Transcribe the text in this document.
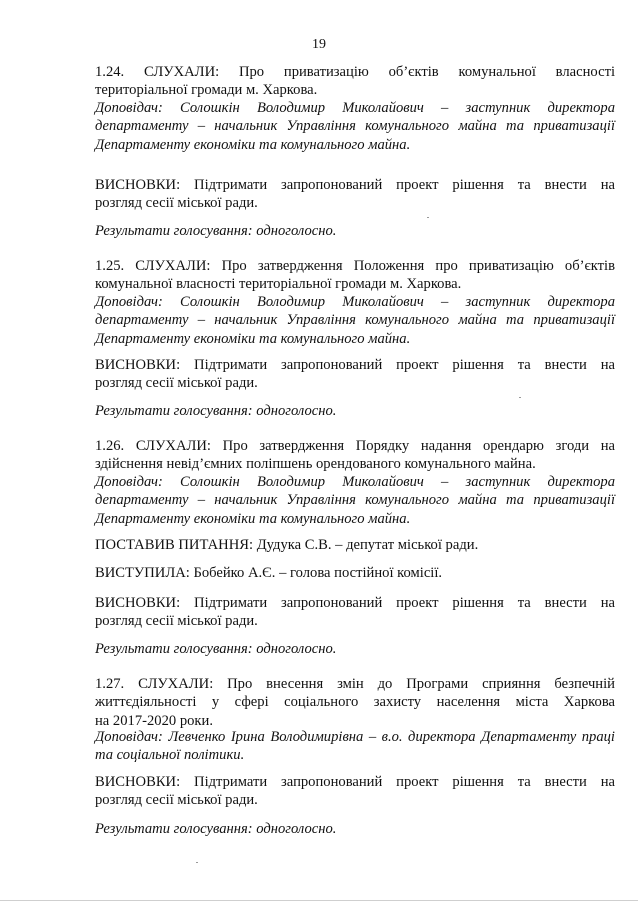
19
1.24. СЛУХАЛИ: Про приватизацію об’єктів комунальної власності
територіальної громади м. Харкова.
Доповідач: Солошкін Володимир Миколайович – заступник директора
департаменту – начальник Управління комунального майна та приватизації
Департаменту економіки та комунального майна.
ВИСНОВКИ: Підтримати запропонований проект рішення та внести на
розгляд сесії міської ради.
Результати голосування: одноголосно.
1.25. СЛУХАЛИ: Про затвердження Положення про приватизацію об’єктів
комунальної власності територіальної громади м. Харкова.
Доповідач: Солошкін Володимир Миколайович – заступник директора
департаменту – начальник Управління комунального майна та приватизації
Департаменту економіки та комунального майна.
ВИСНОВКИ: Підтримати запропонований проект рішення та внести на
розгляд сесії міської ради.
Результати голосування: одноголосно.
1.26. СЛУХАЛИ: Про затвердження Порядку надання орендарю згоди на
здійснення невід’ємних поліпшень орендованого комунального майна.
Доповідач: Солошкін Володимир Миколайович – заступник директора
департаменту – начальник Управління комунального майна та приватизації
Департаменту економіки та комунального майна.
ПОСТАВИВ ПИТАННЯ: Дудука С.В. – депутат міської ради.
ВИСТУПИЛА: Бобейко А.Є. – голова постійної комісії.
ВИСНОВКИ: Підтримати запропонований проект рішення та внести на
розгляд сесії міської ради.
Результати голосування: одноголосно.
1.27. СЛУХАЛИ: Про внесення змін до Програми сприяння безпечній
життєдіяльності у сфері соціального захисту населення міста Харкова
на 2017-2020 роки.
Доповідач: Левченко Ірина Володимирівна – в.о. директора Департаменту праці
та соціальної політики.
ВИСНОВКИ: Підтримати запропонований проект рішення та внести на
розгляд сесії міської ради.
Результати голосування: одноголосно.
